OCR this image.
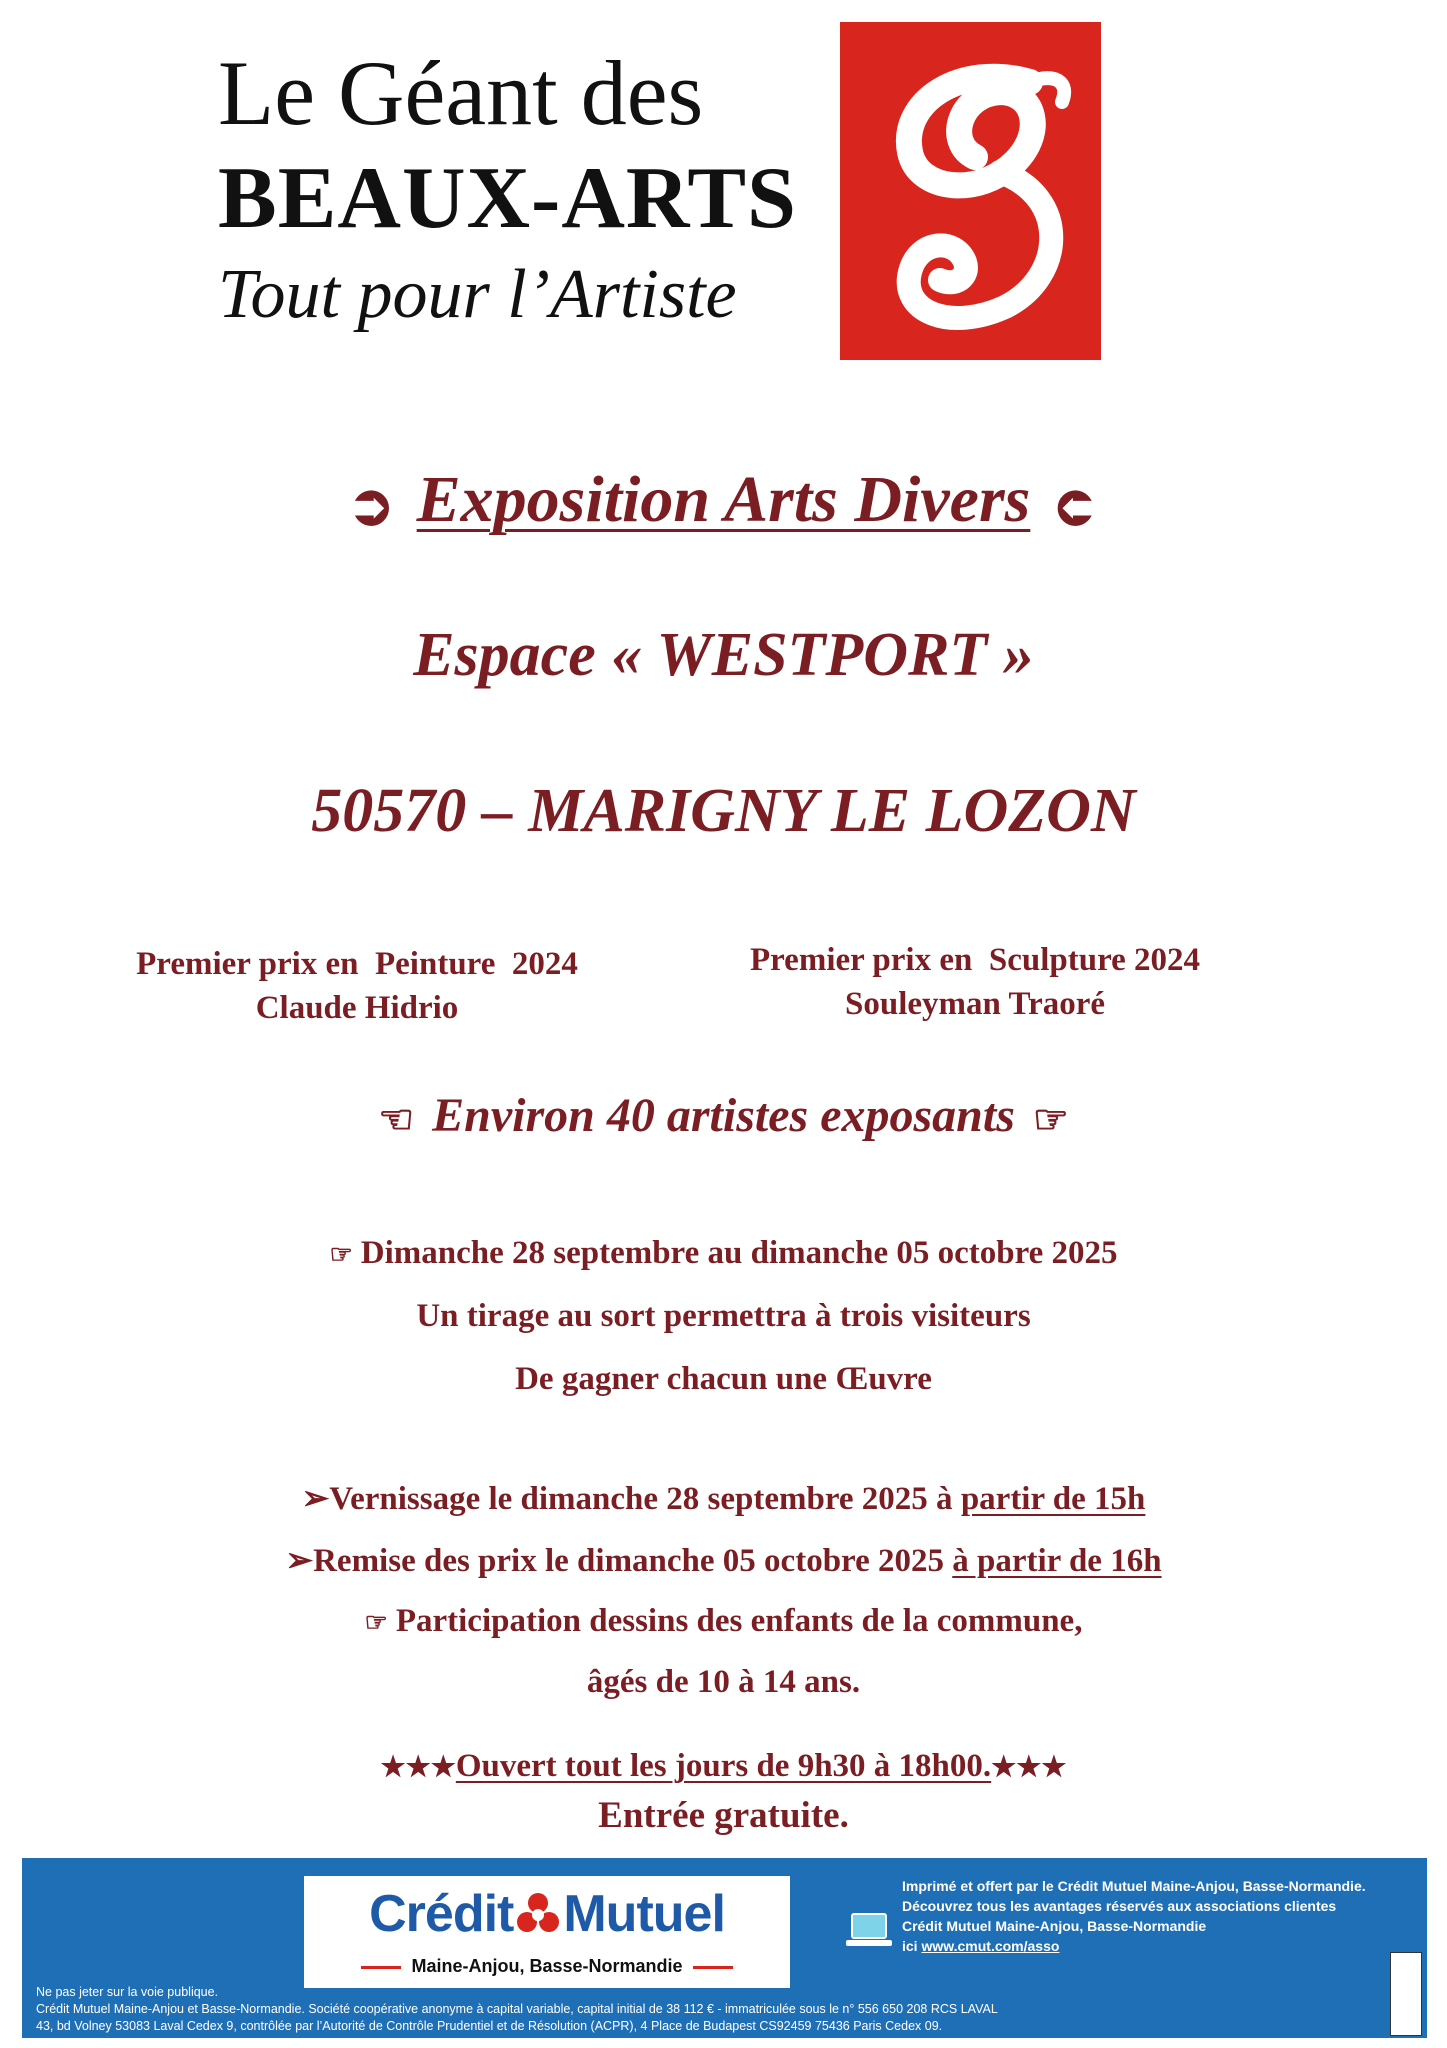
Le Géant des
BEAUX-ARTS
Tout pour l’Artiste
➲ Exposition Arts Divers ➲
Espace « WESTPORT »
50570 – MARIGNY LE LOZON
Premier prix en  Peinture  2024
Claude Hidrio
Premier prix en  Sculpture 2024
Souleyman Traoré
☜ Environ 40 artistes exposants ☞
☞ Dimanche 28 septembre au dimanche 05 octobre 2025
Un tirage au sort permettra à trois visiteurs
De gagner chacun une Œuvre
➢Vernissage le dimanche 28 septembre 2025 à partir de 15h
➢Remise des prix le dimanche 05 octobre 2025 à partir de 16h
☞ Participation dessins des enfants de la commune,
âgés de 10 à 14 ans.
★★★Ouvert tout les jours de 9h30 à 18h00.★★★
Entrée gratuite.
Crédit Mutuel
Maine-Anjou, Basse-Normandie
Imprimé et offert par le Crédit Mutuel Maine-Anjou, Basse-Normandie.
Découvrez tous les avantages réservés aux associations clientes
Crédit Mutuel Maine-Anjou, Basse-Normandie
ici www.cmut.com/asso
Ne pas jeter sur la voie publique.
Crédit Mutuel Maine-Anjou et Basse-Normandie. Société coopérative anonyme à capital variable, capital initial de 38 112 € - immatriculée sous le n° 556 650 208 RCS LAVAL
43, bd Volney 53083 Laval Cedex 9, contrôlée par l’Autorité de Contrôle Prudentiel et de Résolution (ACPR), 4 Place de Budapest CS92459 75436 Paris Cedex 09.
